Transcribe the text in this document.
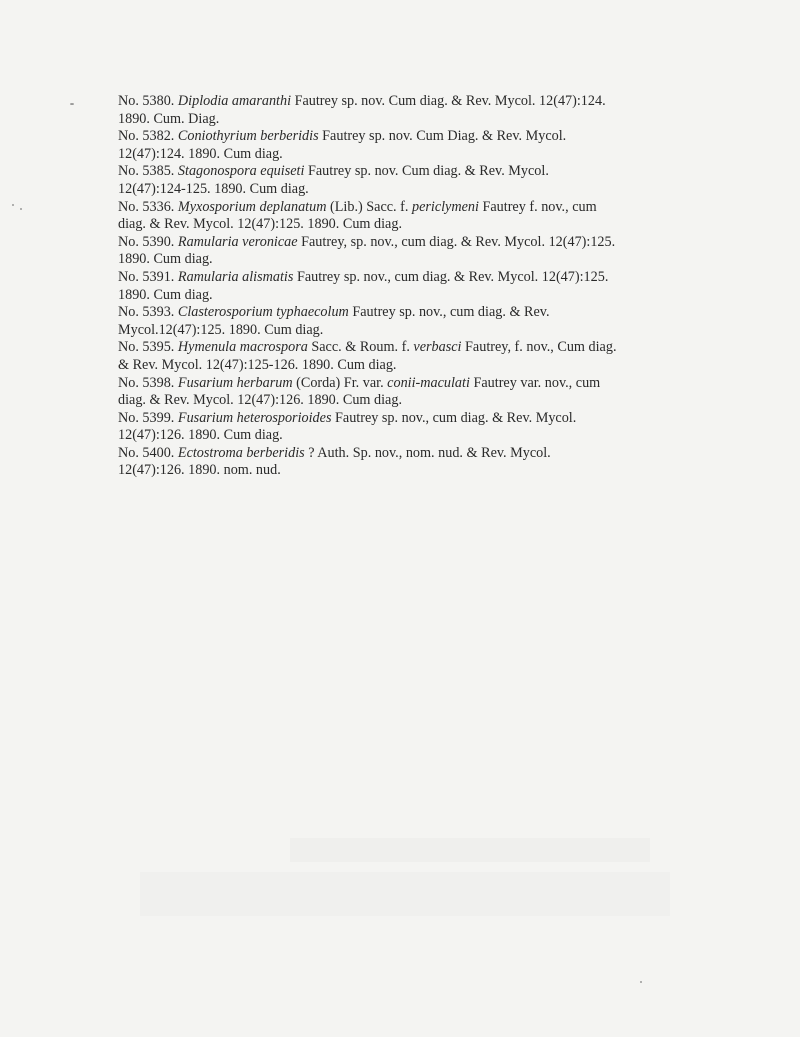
No. 5380. Diplodia amaranthi Fautrey sp. nov. Cum diag. & Rev. Mycol. 12(47):124.
1890. Cum. Diag.

No. 5382. Coniothyrium berberidis Fautrey sp. nov. Cum Diag. & Rev. Mycol.
12(47):124. 1890. Cum diag.

No. 5385. Stagonospora equiseti Fautrey sp. nov. Cum diag. & Rev. Mycol.
12(47):124-125. 1890. Cum diag.

No. 5336. Myxosporium deplanatum (Lib.) Sacc. f. periclymeni Fautrey f. nov., cum
diag. & Rev. Mycol. 12(47):125. 1890. Cum diag.

No. 5390. Ramularia veronicae Fautrey, sp. nov., cum diag. & Rev. Mycol. 12(47):125.
1890. Cum diag.

No. 5391. Ramularia alismatis Fautrey sp. nov., cum diag. & Rev. Mycol. 12(47):125.
1890. Cum diag.

No. 5393. Clasterosporium typhaecolum Fautrey sp. nov., cum diag. & Rev.
Mycol.12(47):125. 1890. Cum diag.

No. 5395. Hymenula macrospora Sacc. & Roum. f. verbasci Fautrey, f. nov., Cum diag.
& Rev. Mycol. 12(47):125-126. 1890. Cum diag.

No. 5398. Fusarium herbarum (Corda) Fr. var. conii-maculati Fautrey var. nov., cum
diag. & Rev. Mycol. 12(47):126. 1890. Cum diag.

No. 5399. Fusarium heterosporioides Fautrey sp. nov., cum diag. & Rev. Mycol.
12(47):126. 1890. Cum diag.

No. 5400. Ectostroma berberidis ? Auth. Sp. nov., nom. nud. & Rev. Mycol.
12(47):126. 1890. nom. nud.
